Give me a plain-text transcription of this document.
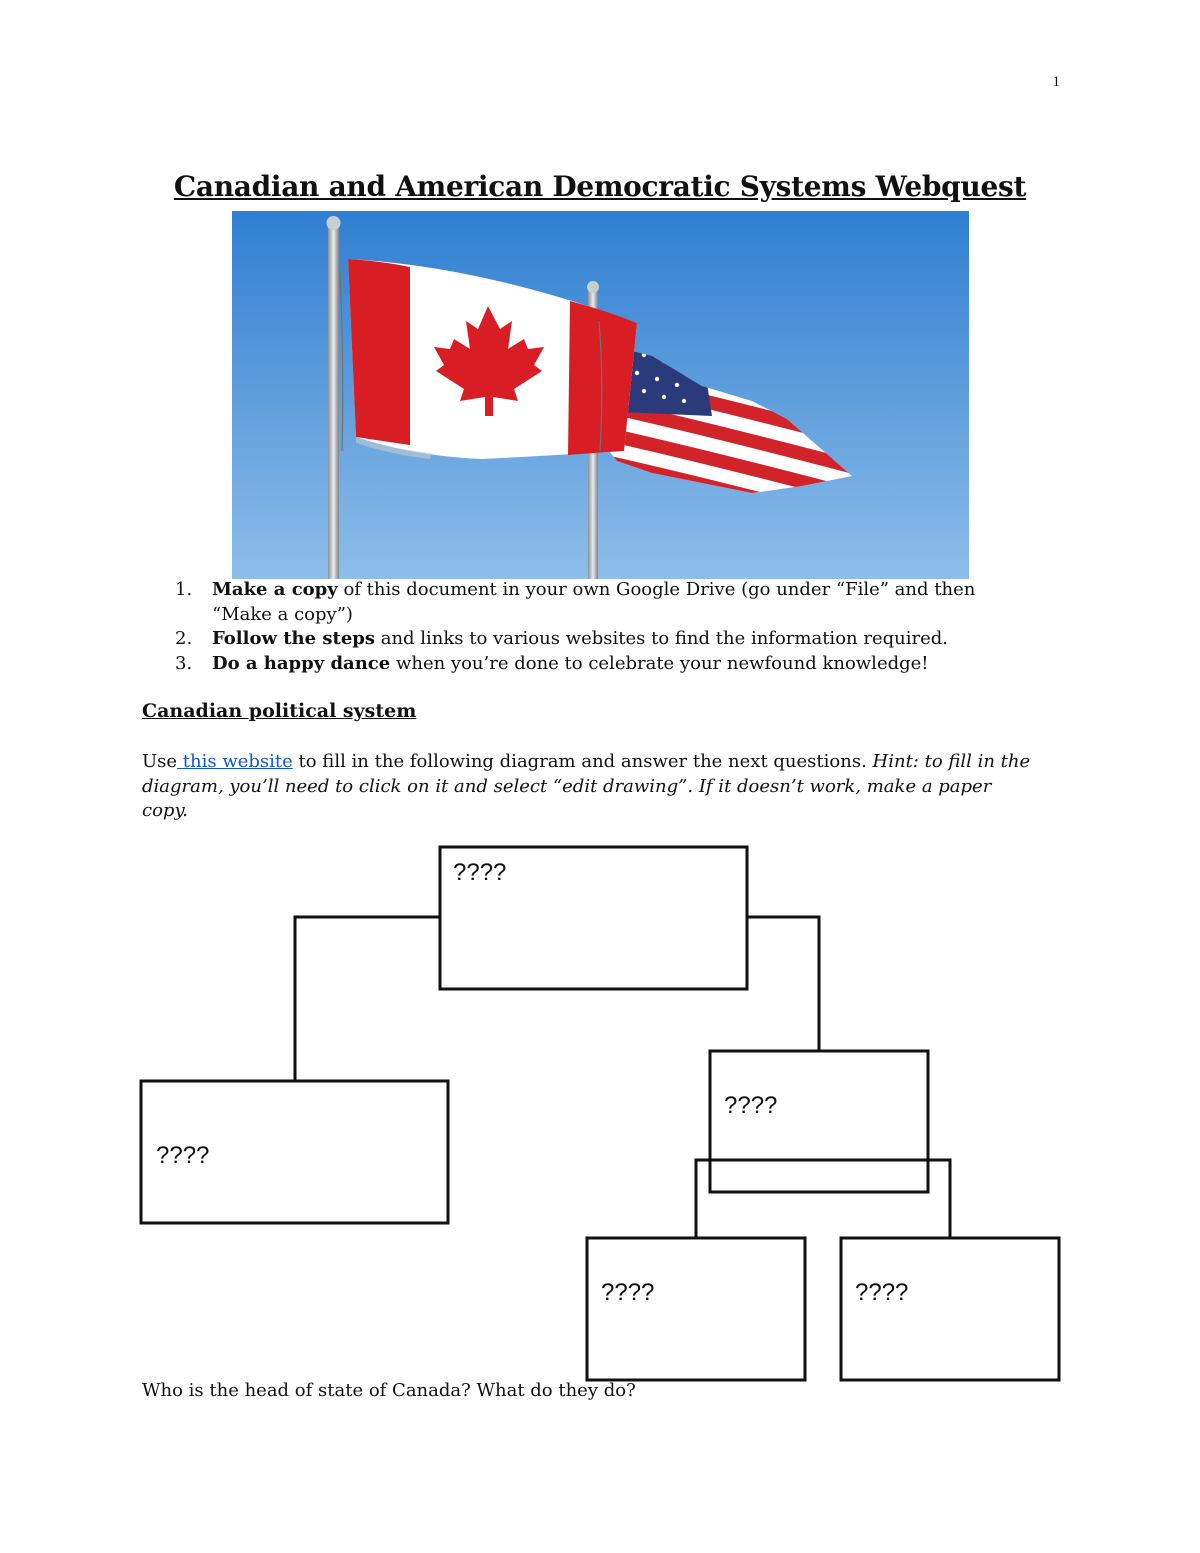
1
Canadian and American Democratic Systems Webquest
1. Make a copy of this document in your own Google Drive (go under “File” and then “Make a copy”)
2. Follow the steps and links to various websites to find the information required.
3. Do a happy dance when you’re done to celebrate your newfound knowledge!
Canadian political system

Use this website to fill in the following diagram and answer the next questions. Hint: to fill in the diagram, you’ll need to click on it and select “edit drawing”. If it doesn’t work, make a paper copy.

????
????
????
????	????

Who is the head of state of Canada? What do they do?
